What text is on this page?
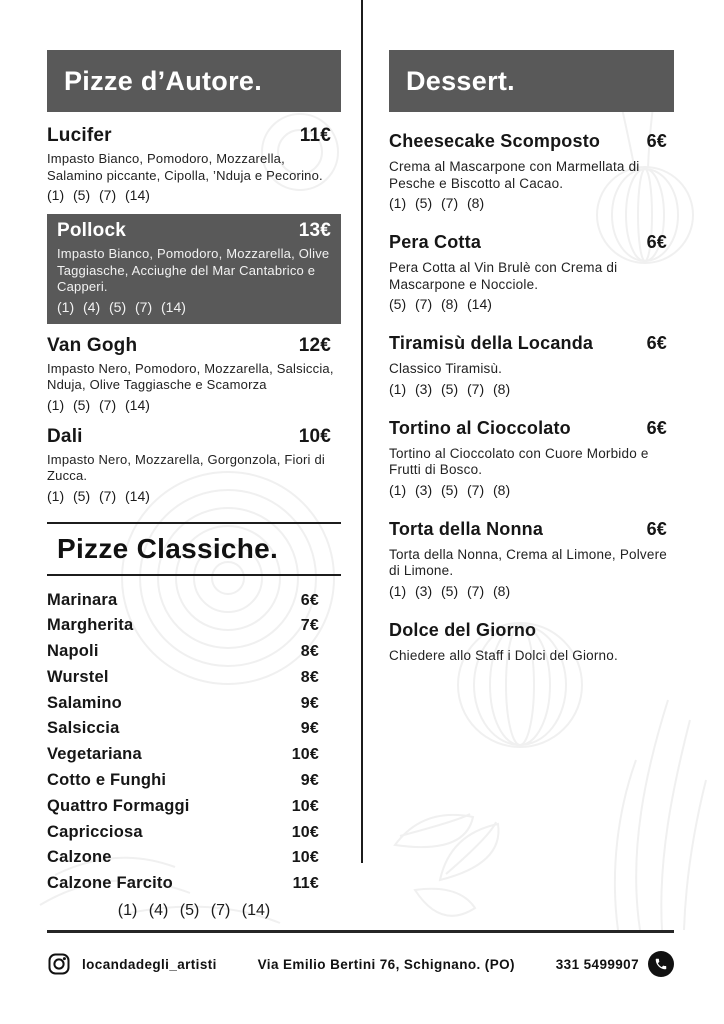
Pizze d’Autore.
Lucifer	11€

Impasto Bianco, Pomodoro, Mozzarella, Salamino piccante, Cipolla, ’Nduja e Pecorino.

(1) (5) (7) (14)

Pollock	13€

Impasto Bianco, Pomodoro, Mozzarella, Olive Taggiasche, Acciughe del Mar Cantabrico e Capperi.

(1) (4) (5) (7) (14)

Van Gogh	12€

Impasto Nero, Pomodoro, Mozzarella, Salsiccia, Nduja, Olive Taggiasche e Scamorza

(1) (5) (7) (14)

Dali	10€

Impasto Nero, Mozzarella, Gorgonzola, Fiori di Zucca.

(1) (5) (7) (14)

Pizze Classiche.
Marinara	6€
Margherita	7€
Napoli	8€
Wurstel	8€
Salamino	9€
Salsiccia	9€
Vegetariana	10€
Cotto e Funghi	9€
Quattro Formaggi	10€
Capricciosa	10€
Calzone	10€
Calzone Farcito	11€

(1) (4) (5) (7) (14)

Dessert.
Cheesecake Scomposto	6€

Crema al Mascarpone con Marmellata di Pesche e Biscotto al Cacao.

(1) (5) (7) (8)

Pera Cotta	6€

Pera Cotta al Vin Brulè con Crema di Mascarpone e Nocciole.

(5) (7) (8) (14)

Tiramisù della Locanda	6€

Classico Tiramisù.

(1) (3) (5) (7) (8)

Tortino al Cioccolato	6€

Tortino al Cioccolato con Cuore Morbido e Frutti di Bosco.

(1) (3) (5) (7) (8)

Torta della Nonna	6€

Torta della Nonna, Crema al Limone, Polvere di Limone.

(1) (3) (5) (7) (8)

Dolce del Giorno

Chiedere allo Staff i Dolci del Giorno.

locandadegli_artisti	Via Emilio Bertini 76, Schignano. (PO)	331 5499907
